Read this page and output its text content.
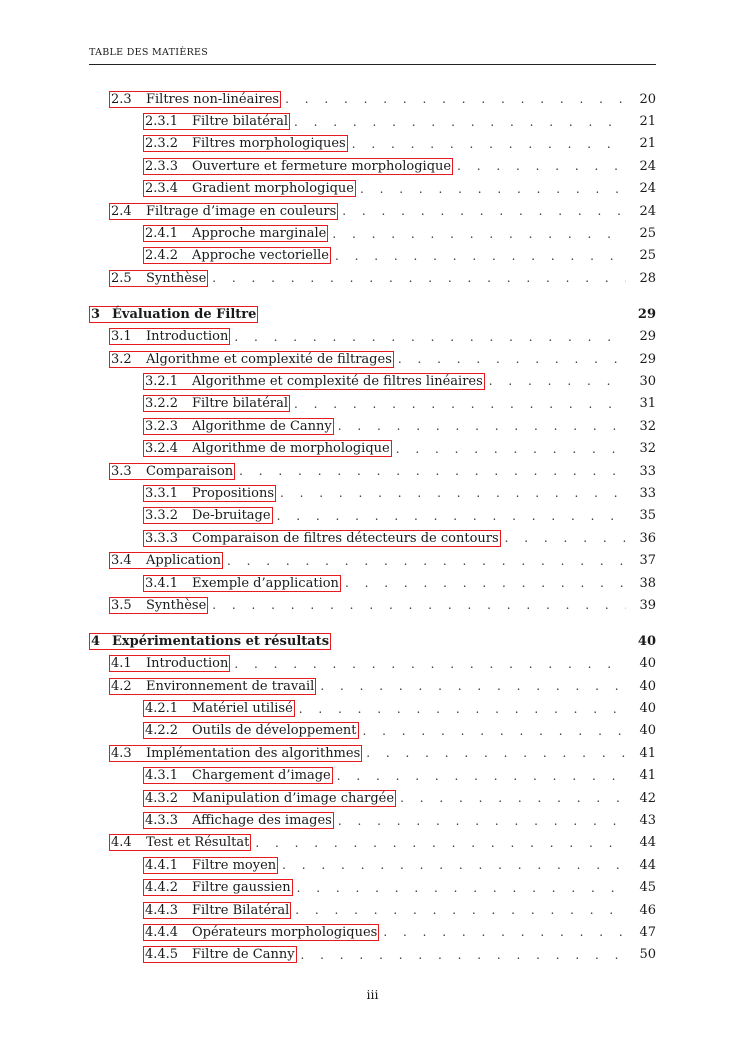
TABLE DES MATIÈRES
2.3	Filtres non-linéaires . . .	20
2.3.1	Filtre bilatéral . . .	21
2.3.2	Filtres morphologiques . . .	21
2.3.3	Ouverture et fermeture morphologique . . .	24
2.3.4	Gradient morphologique . . .	24
2.4	Filtrage d’image en couleurs . . .	24
2.4.1	Approche marginale . . .	25
2.4.2	Approche vectorielle . . .	25
2.5	Synthèse . . .	28
3 Évaluation de Filtre	29
3.1	Introduction . . .	29
3.2	Algorithme et complexité de filtrages . . .	29
3.2.1	Algorithme et complexité de filtres linéaires . . .	30
3.2.2	Filtre bilatéral . . .	31
3.2.3	Algorithme de Canny . . .	32
3.2.4	Algorithme de morphologique . . .	32
3.3	Comparaison . . .	33
3.3.1	Propositions . . .	33
3.3.2	De-bruitage . . .	35
3.3.3	Comparaison de filtres détecteurs de contours . . .	36
3.4	Application . . .	37
3.4.1	Exemple d’application . . .	38
3.5	Synthèse . . .	39
4 Expérimentations et résultats	40
4.1	Introduction . . .	40
4.2	Environnement de travail . . .	40
4.2.1	Matériel utilisé . . .	40
4.2.2	Outils de développement . . .	40
4.3	Implémentation des algorithmes . . .	41
4.3.1	Chargement d’image . . .	41
4.3.2	Manipulation d’image chargée . . .	42
4.3.3	Affichage des images . . .	43
4.4	Test et Résultat . . .	44
4.4.1	Filtre moyen . . .	44
4.4.2	Filtre gaussien . . .	45
4.4.3	Filtre Bilatéral . . .	46
4.4.4	Opérateurs morphologiques . . .	47
4.4.5	Filtre de Canny . . .	50
iii
